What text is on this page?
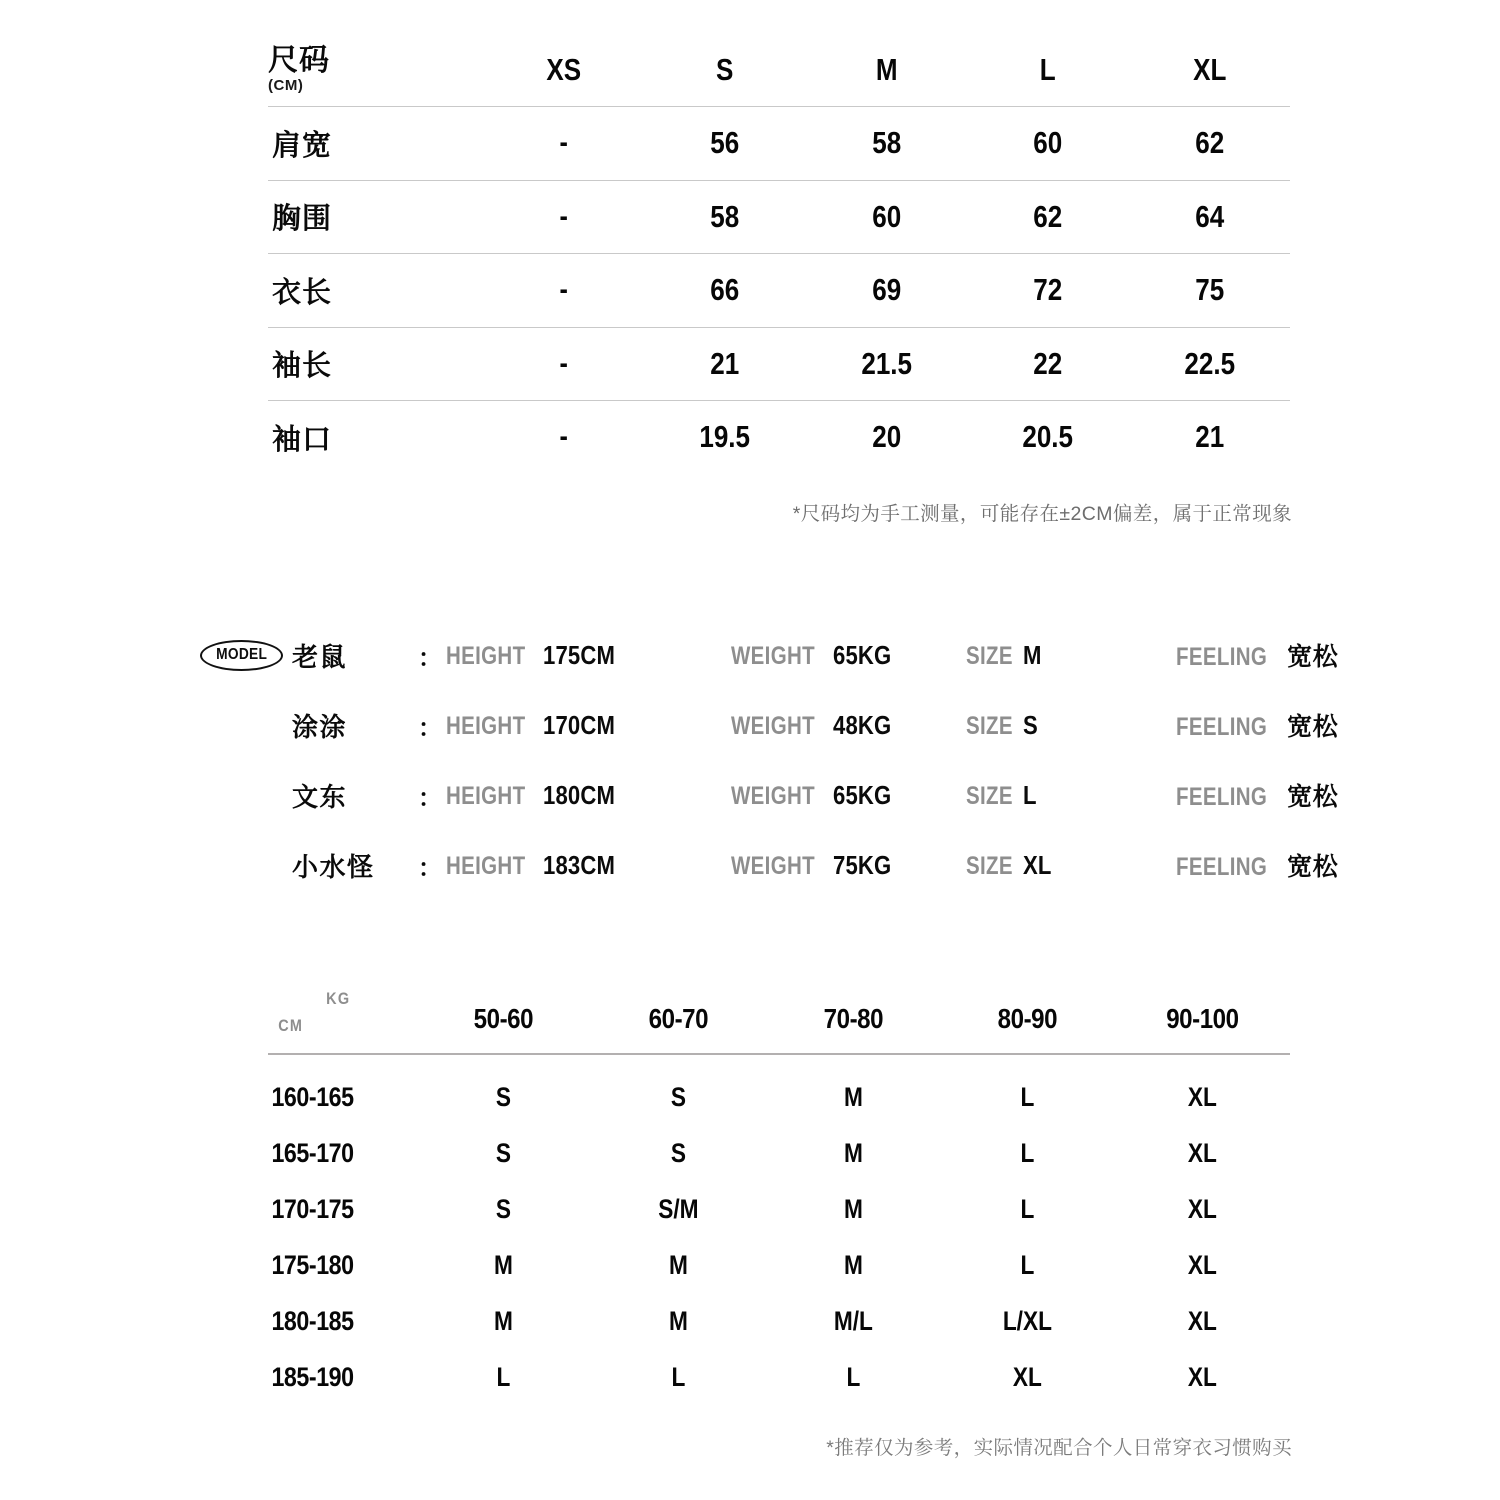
尺码
(CM)	XS	S	M	L	XL
肩宽	-	56	58	60	62
胸围	-	58	60	62	64
衣长	-	66	69	72	75
袖长	-	21	21.5	22	22.5
袖口	-	19.5	20	20.5	21
*尺码均为手工测量，可能存在±2CM偏差，属于正常现象
MODEL 老鼠	： HEIGHT 175CM	WEIGHT 65KG	SIZE M	FEELING 宽松
涂涂	： HEIGHT 170CM	WEIGHT 48KG	SIZE S	FEELING 宽松
文东	： HEIGHT 180CM	WEIGHT 65KG	SIZE L	FEELING 宽松
小水怪	： HEIGHT 183CM	WEIGHT 75KG	SIZE XL	FEELING 宽松
KG
CM	50-60	60-70	70-80	80-90	90-100
160-165	S	S	M	L	XL
165-170	S	S	M	L	XL
170-175	S	S/M	M	L	XL
175-180	M	M	M	L	XL
180-185	M	M	M/L	L/XL	XL
185-190	L	L	L	XL	XL
*推荐仅为参考，实际情况配合个人日常穿衣习惯购买
